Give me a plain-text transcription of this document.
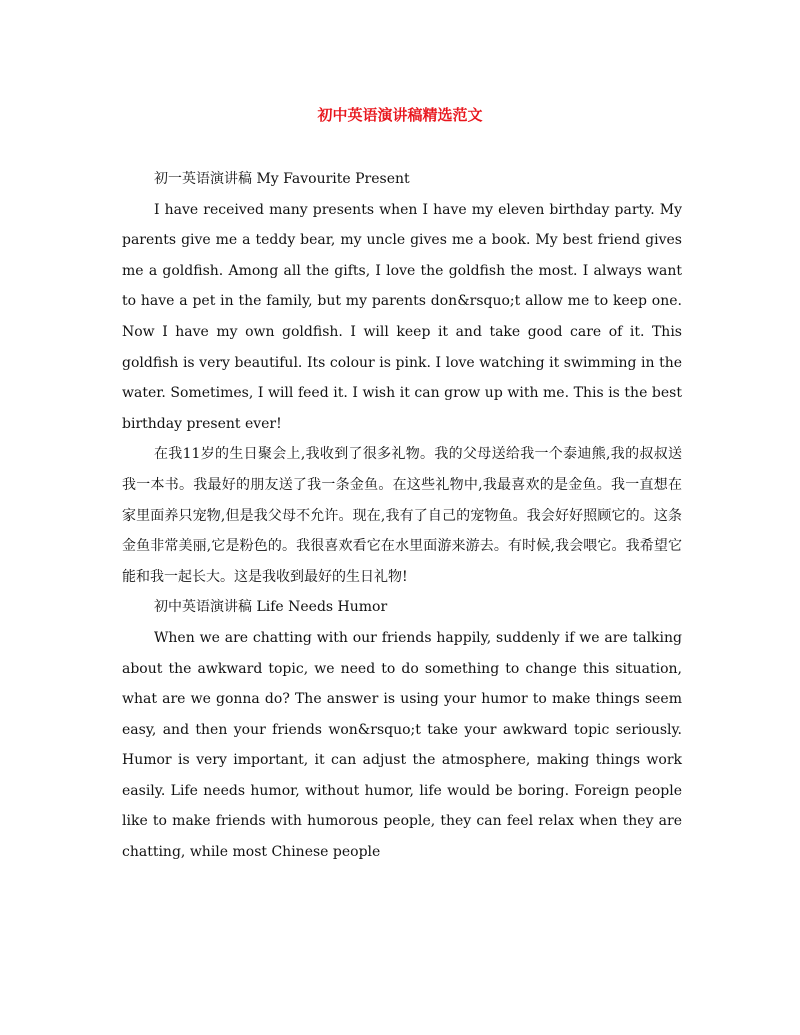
初中英语演讲稿精选范文

初一英语演讲稿 My Favourite Present

I have received many presents when I have my eleven birthday party. My parents give me a teddy bear, my uncle gives me a book. My best friend gives me a goldfish. Among all the gifts, I love the goldfish the most. I always want to have a pet in the family, but my parents don&rsquo;t allow me to keep one. Now I have my own goldfish. I will keep it and take good care of it. This goldfish is very beautiful. Its colour is pink. I love watching it swimming in the water. Sometimes, I will feed it. I wish it can grow up with me. This is the best birthday present ever!

在我11岁的生日聚会上,我收到了很多礼物。我的父母送给我一个泰迪熊,我的叔叔送我一本书。我最好的朋友送了我一条金鱼。在这些礼物中,我最喜欢的是金鱼。我一直想在家里面养只宠物,但是我父母不允许。现在,我有了自己的宠物鱼。我会好好照顾它的。这条金鱼非常美丽,它是粉色的。我很喜欢看它在水里面游来游去。有时候,我会喂它。我希望它能和我一起长大。这是我收到最好的生日礼物!

初中英语演讲稿 Life Needs Humor

When we are chatting with our friends happily, suddenly if we are talking about the awkward topic, we need to do something to change this situation, what are we gonna do? The answer is using your humor to make things seem easy, and then your friends won&rsquo;t take your awkward topic seriously. Humor is very important, it can adjust the atmosphere, making things work easily. Life needs humor, without humor, life would be boring. Foreign people like to make friends with humorous people, they can feel relax when they are chatting, while most Chinese people
